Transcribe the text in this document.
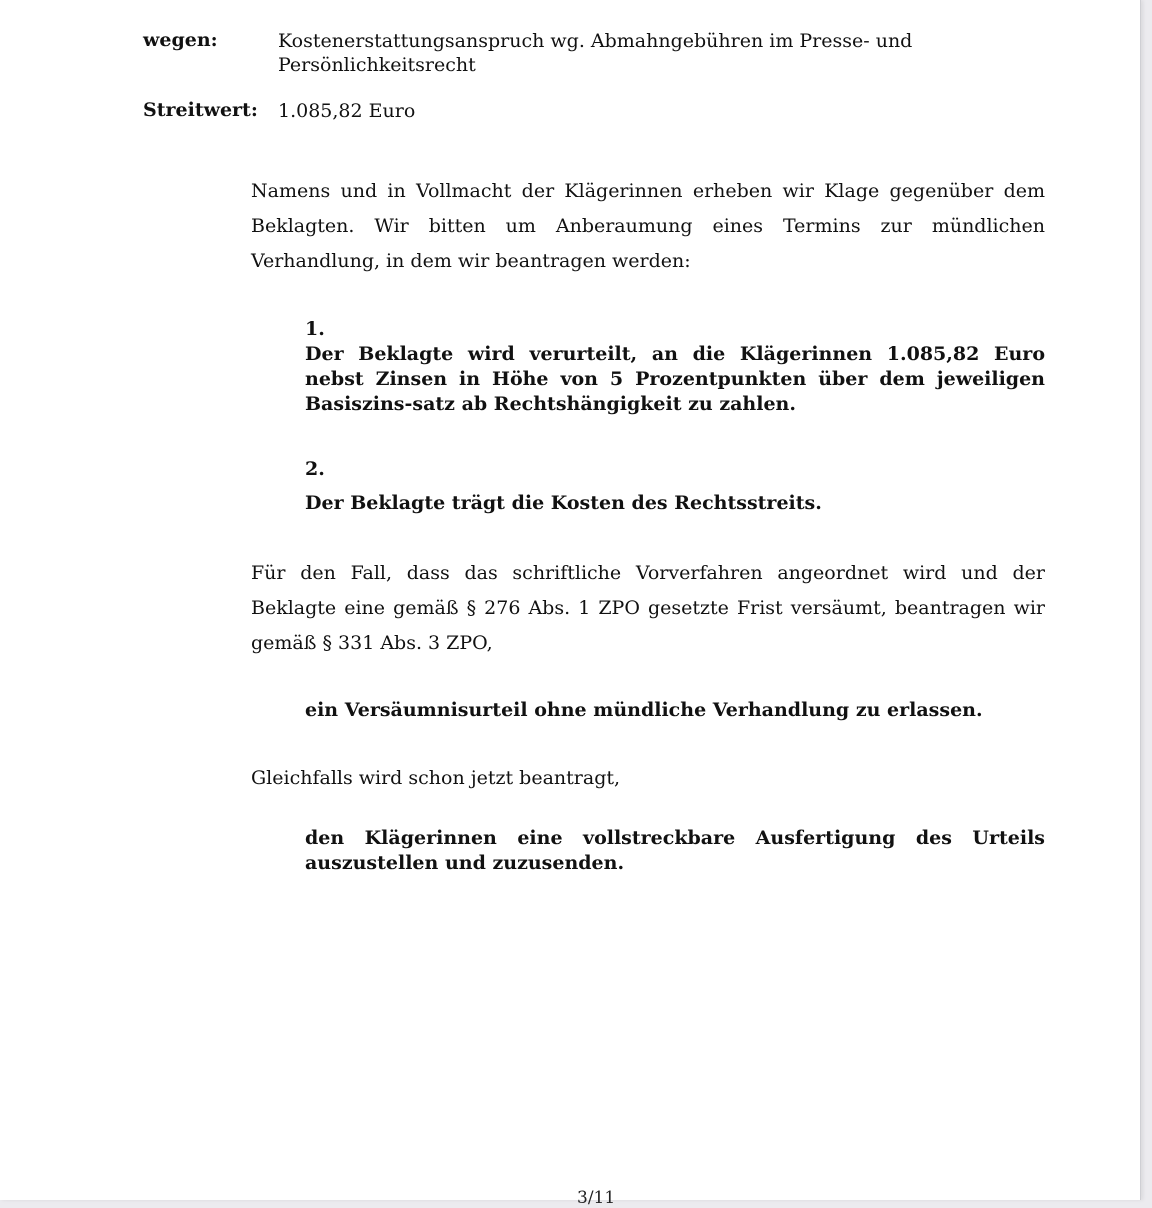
wegen:	Kostenerstattungsanspruch wg. Abmahngebühren im Presse- und
Persönlichkeitsrecht
Streitwert: 1.085,82 Euro
Namens und in Vollmacht der Klägerinnen erheben wir Klage gegenüber dem Beklagten. Wir bitten um Anberaumung eines Termins zur mündlichen Verhandlung, in dem wir beantragen werden:
1.
Der Beklagte wird verurteilt, an die Klägerinnen 1.085,82 Euro nebst Zinsen in Höhe von 5 Prozentpunkten über dem jeweiligen Basiszins-satz ab Rechtshängigkeit zu zahlen.
2.
Der Beklagte trägt die Kosten des Rechtsstreits.
Für den Fall, dass das schriftliche Vorverfahren angeordnet wird und der Beklagte eine gemäß § 276 Abs. 1 ZPO gesetzte Frist versäumt, beantragen wir gemäß § 331 Abs. 3 ZPO,
ein Versäumnisurteil ohne mündliche Verhandlung zu erlassen.
Gleichfalls wird schon jetzt beantragt,
den Klägerinnen eine vollstreckbare Ausfertigung des Urteils auszustellen und zuzusenden.
3/11
